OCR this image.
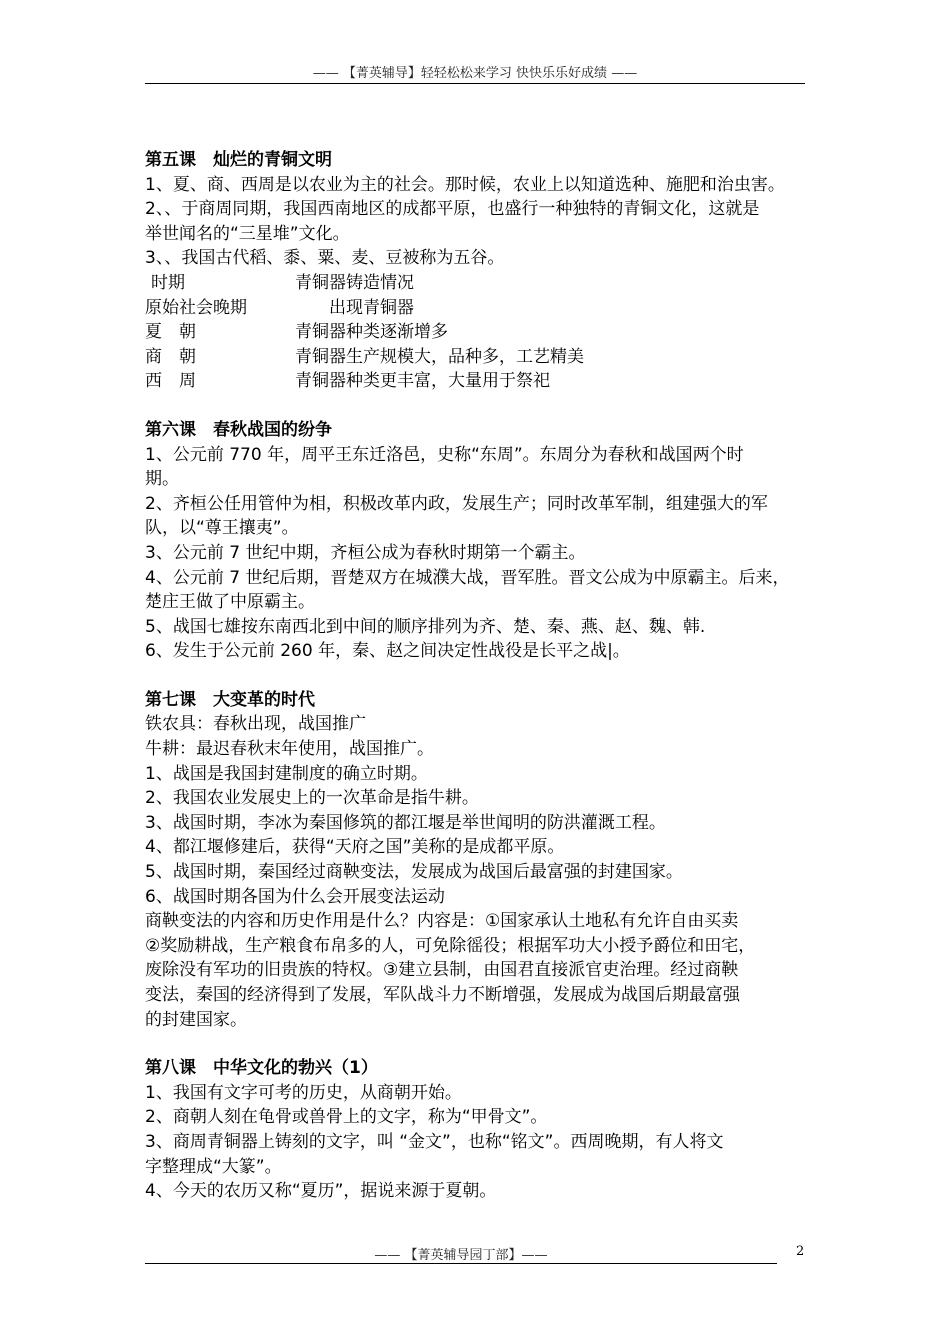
—— 【菁英辅导】轻轻松松来学习 快快乐乐好成绩 ——

第五课　灿烂的青铜文明

1、夏、商、西周是以农业为主的社会。那时候，农业上以知道选种、施肥和治虫害。

2、、于商周同期，我国西南地区的成都平原，也盛行一种独特的青铜文化，这就是

举世闻名的“三星堆”文化。

3、、我国古代稻、黍、粟、麦、豆被称为五谷。

时期	青铜器铸造情况
原始社会晚期	出现青铜器
夏　朝	青铜器种类逐渐增多
商　朝	青铜器生产规模大，品种多，工艺精美
西　周	青铜器种类更丰富，大量用于祭祀

第六课　春秋战国的纷争

1、公元前 770 年，周平王东迁洛邑，史称“东周”。东周分为春秋和战国两个时

期。

2、齐桓公任用管仲为相，积极改革内政，发展生产；同时改革军制，组建强大的军

队，以“尊王攘夷”。

3、公元前 7 世纪中期，齐桓公成为春秋时期第一个霸主。

4、公元前 7 世纪后期，晋楚双方在城濮大战，晋军胜。晋文公成为中原霸主。后来，

楚庄王做了中原霸主。

5、战国七雄按东南西北到中间的顺序排列为齐、楚、秦、燕、赵、魏、韩.

6、发生于公元前 260 年，秦、赵之间决定性战役是长平之战|。

第七课　大变革的时代

铁农具：春秋出现，战国推广

牛耕：最迟春秋末年使用，战国推广。

1、战国是我国封建制度的确立时期。

2、我国农业发展史上的一次革命是指牛耕。

3、战国时期，李冰为秦国修筑的都江堰是举世闻明的防洪灌溉工程。

4、都江堰修建后，获得“天府之国”美称的是成都平原。

5、战国时期，秦国经过商鞅变法，发展成为战国后最富强的封建国家。

6、战国时期各国为什么会开展变法运动

商鞅变法的内容和历史作用是什么？内容是：①国家承认土地私有允许自由买卖

②奖励耕战，生产粮食布帛多的人，可免除徭役；根据军功大小授予爵位和田宅，

废除没有军功的旧贵族的特权。③建立县制，由国君直接派官吏治理。经过商鞅

变法，秦国的经济得到了发展，军队战斗力不断增强，发展成为战国后期最富强

的封建国家。

第八课　中华文化的勃兴（1）

1、我国有文字可考的历史，从商朝开始。

2、商朝人刻在龟骨或兽骨上的文字，称为“甲骨文”。

3、商周青铜器上铸刻的文字，叫 “金文”，也称“铭文”。西周晚期，有人将文

字整理成“大篆”。

4、今天的农历又称“夏历”，据说来源于夏朝。

—— 【菁英辅导园丁部】——	2
